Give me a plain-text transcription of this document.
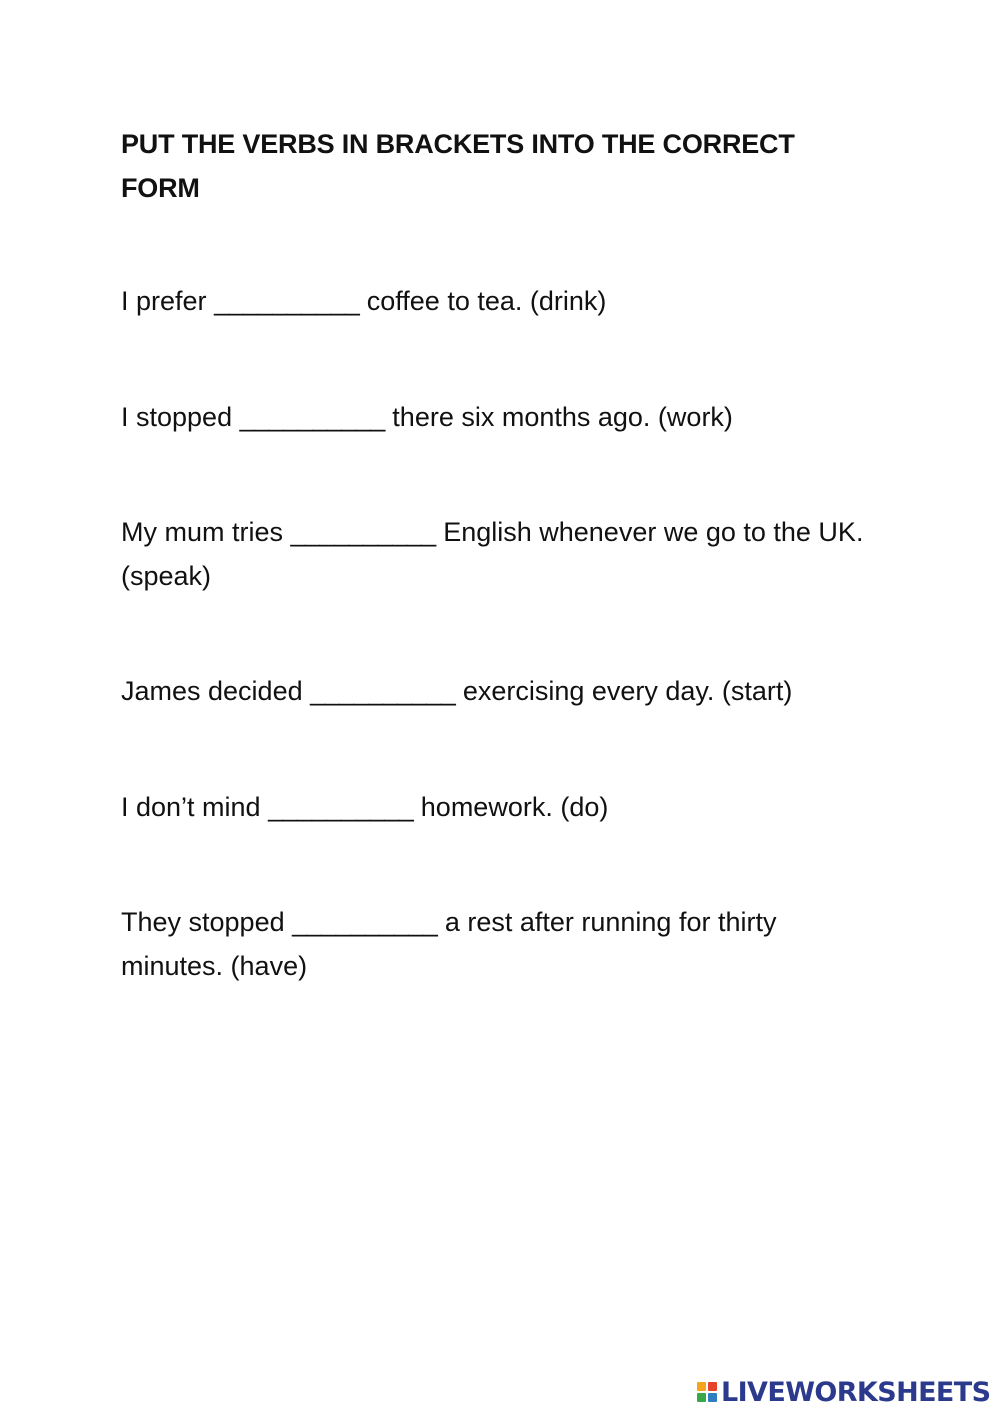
PUT THE VERBS IN BRACKETS INTO THE CORRECT FORM
I prefer __________ coffee to tea. (drink)
I stopped __________ there six months ago. (work)
My mum tries __________ English whenever we go to the UK. (speak)
James decided __________ exercising every day. (start)
I don’t mind __________ homework. (do)
They stopped __________ a rest after running for thirty minutes. (have)
LIVEWORKSHEETS
